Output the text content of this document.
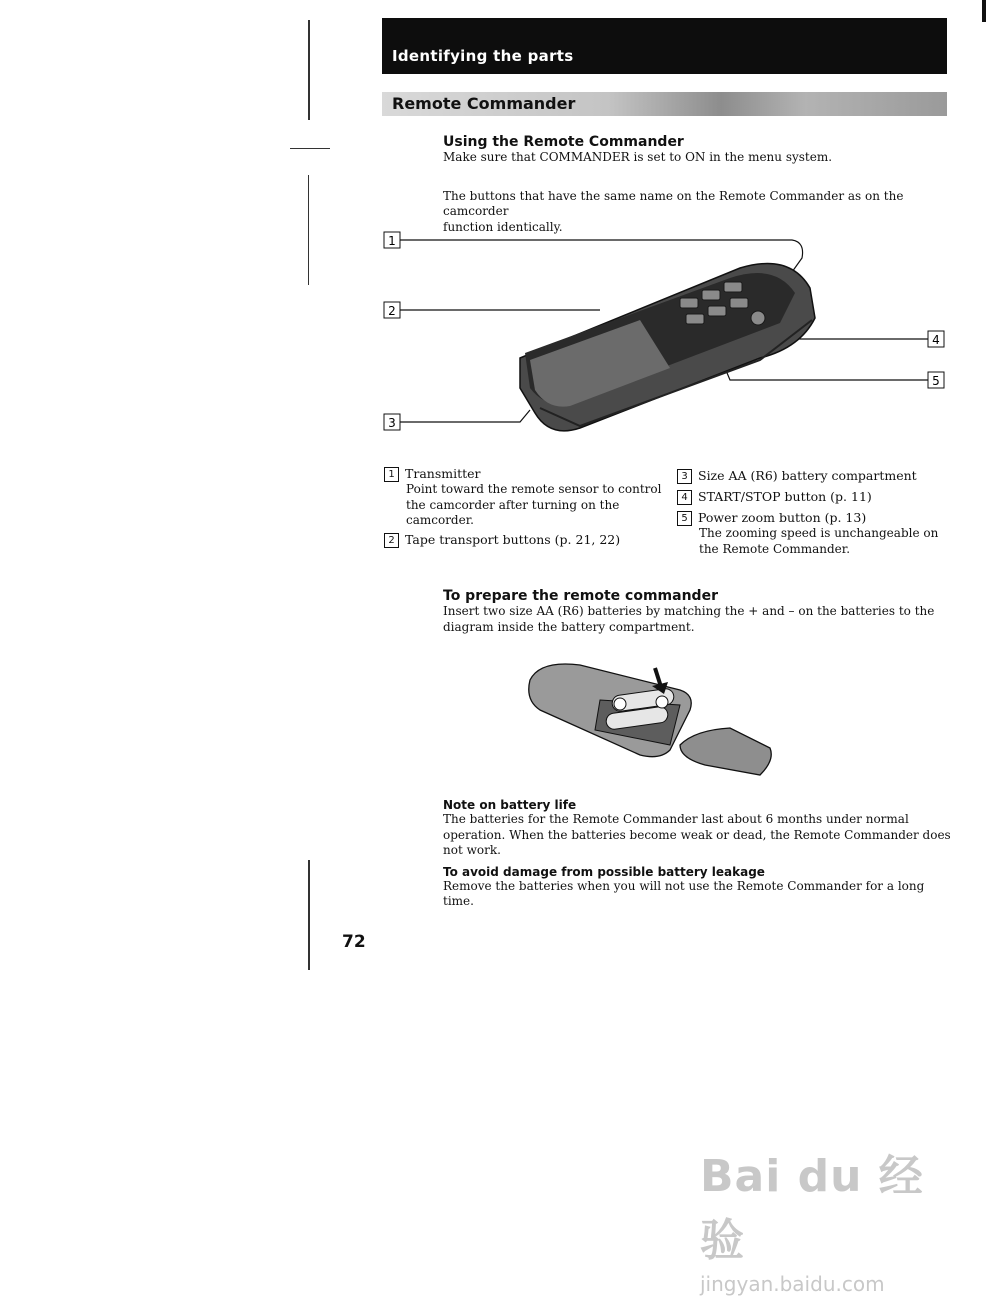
Identifying the parts
Remote Commander
Using the Remote Commander

Make sure that COMMANDER is set to ON in the menu system.

The buttons that have the same name on the Remote Commander as on the camcorder

function identically.

1
2
3
4
5
1 Transmitter
Point toward the remote sensor to control
the camcorder after turning on the
camcorder.
2 Tape transport buttons (p. 21, 22)
3 Size AA (R6) battery compartment
4 START/STOP button (p. 11)
5 Power zoom button (p. 13)
The zooming speed is unchangeable on
the Remote Commander.
To prepare the remote commander

Insert two size AA (R6) batteries by matching the + and – on the batteries to the

diagram inside the battery compartment.

Note on battery life

The batteries for the Remote Commander last about 6 months under normal

operation. When the batteries become weak or dead, the Remote Commander does

not work.

To avoid damage from possible battery leakage

Remove the batteries when you will not use the Remote Commander for a long time.

72
Bai du 经验
jingyan.baidu.com
